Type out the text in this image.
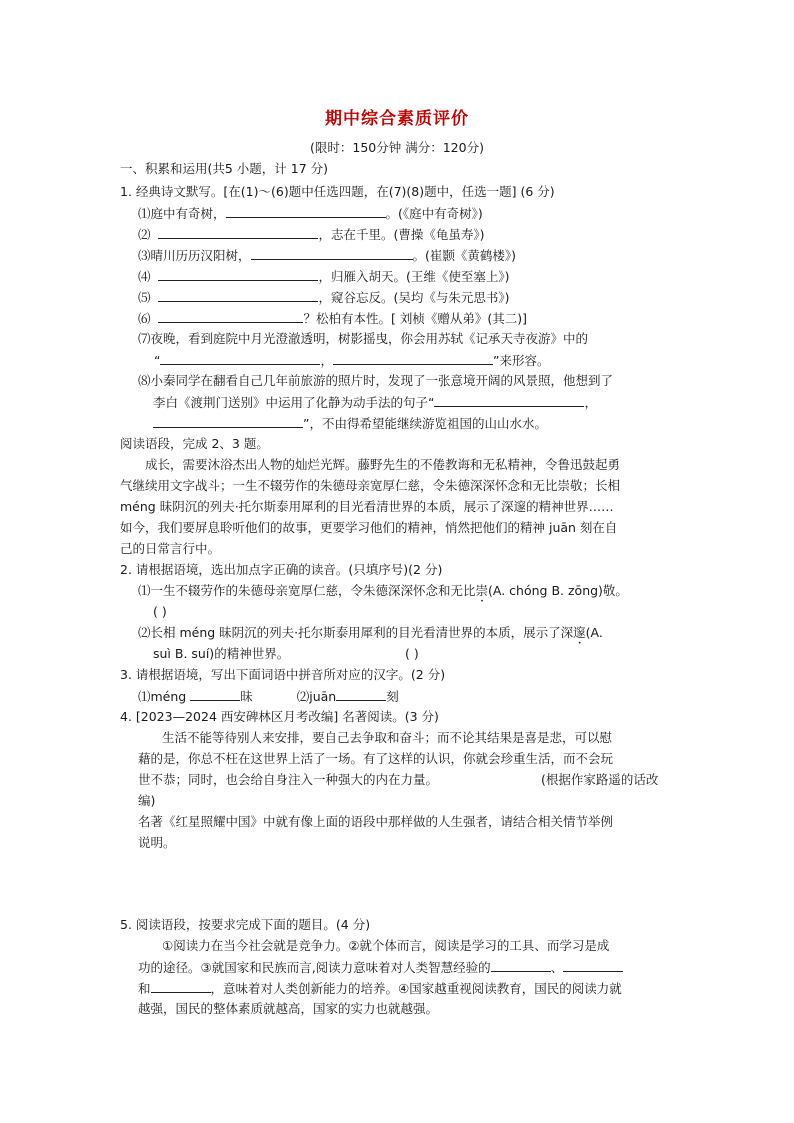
期中综合素质评价
(限时：150分钟 满分：120分)
一、积累和运用(共5 小题，计 17 分)
1. 经典诗文默写。[在(1)～(6)题中任选四题，在(7)(8)题中，任选一题] (6 分)
⑴庭中有奇树，	。(《庭中有奇树》)
⑵	，志在千里。(曹操《龟虽寿》)
⑶晴川历历汉阳树，	。(崔颢《黄鹤楼》)
⑷	，归雁入胡天。(王维《使至塞上》)
⑸	，窥谷忘反。(吴均《与朱元思书》)
⑹	？松柏有本性。[ 刘桢《赠从弟》(其二)]
⑺夜晚，看到庭院中月光澄澈透明，树影摇曳，你会用苏轼《记承天寺夜游》中的
“	，	”来形容。
⑻小秦同学在翻看自己几年前旅游的照片时，发现了一张意境开阔的风景照，他想到了
李白《渡荆门送别》中运用了化静为动手法的句子“	，
”，不由得希望能继续游览祖国的山山水水。
阅读语段，完成 2、3 题。
成长，需要沐浴杰出人物的灿烂光辉。藤野先生的不倦教诲和无私精神，令鲁迅鼓起勇
气继续用文字战斗；一生不辍劳作的朱德母亲宽厚仁慈，令朱德深深怀念和无比崇敬；长相
méng 昧阴沉的列夫·托尔斯泰用犀利的目光看清世界的本质，展示了深邃的精神世界……
如今，我们要屏息聆听他们的故事，更要学习他们的精神，悄然把他们的精神 juān 刻在自
己的日常言行中。
2. 请根据语境，选出加点字正确的读音。(只填序号)(2 分)
⑴一生不辍劳作的朱德母亲宽厚仁慈，令朱德深深怀念和无比崇(A. chóng B. zōng)敬。
( )
⑵长相 méng 昧阴沉的列夫·托尔斯泰用犀利的目光看清世界的本质，展示了深邃(A.
suì B. suí)的精神世界。	( )
3. 请根据语境，写出下面词语中拼音所对应的汉字。(2 分)
⑴méng	昧	⑵juān	刻
4. [2023—2024 西安碑林区月考改编] 名著阅读。(3 分)
生活不能等待别人来安排，要自己去争取和奋斗；而不论其结果是喜是悲，可以慰
藉的是，你总不枉在这世界上活了一场。有了这样的认识，你就会珍重生活，而不会玩
世不恭；同时，也会给自身注入一种强大的内在力量。	(根据作家路遥的话改
编)
名著《红星照耀中国》中就有像上面的语段中那样做的人生强者，请结合相关情节举例
说明。
5. 阅读语段，按要求完成下面的题目。(4 分)
①阅读力在当今社会就是竞争力。②就个体而言，阅读是学习的工具、而学习是成
功的途径。③就国家和民族而言,阅读力意味着对人类智慧经验的	、
和	，意味着对人类创新能力的培养。④国家越重视阅读教育，国民的阅读力就
越强，国民的整体素质就越高，国家的实力也就越强。
